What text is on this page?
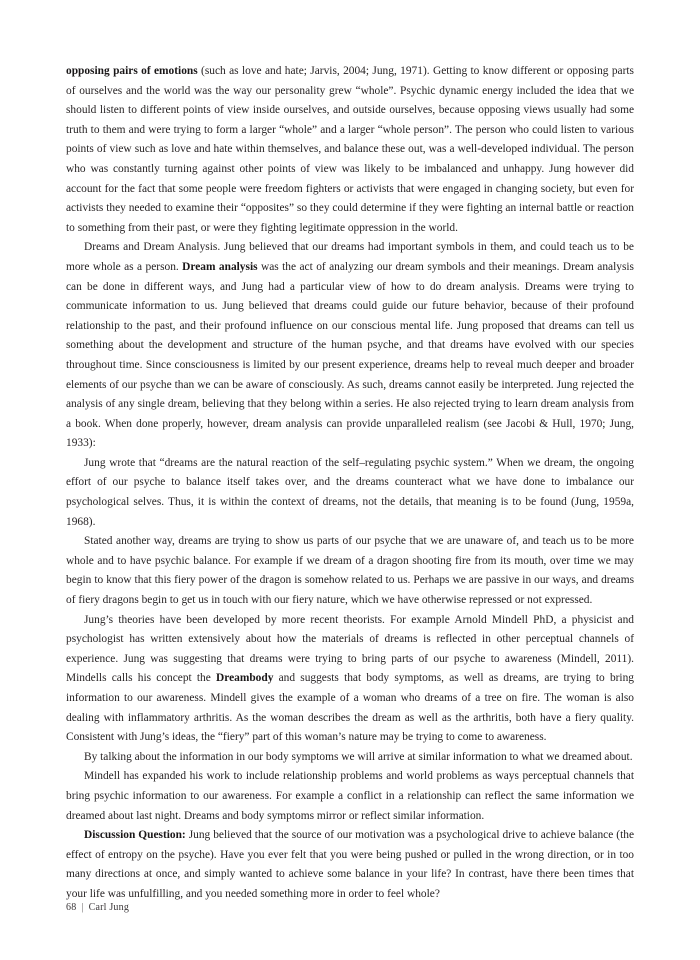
opposing pairs of emotions (such as love and hate; Jarvis, 2004; Jung, 1971). Getting to know different or opposing parts of ourselves and the world was the way our personality grew “whole”. Psychic dynamic energy included the idea that we should listen to different points of view inside ourselves, and outside ourselves, because opposing views usually had some truth to them and were trying to form a larger “whole” and a larger “whole person”. The person who could listen to various points of view such as love and hate within themselves, and balance these out, was a well-developed individual. The person who was constantly turning against other points of view was likely to be imbalanced and unhappy. Jung however did account for the fact that some people were freedom fighters or activists that were engaged in changing society, but even for activists they needed to examine their “opposites” so they could determine if they were fighting an internal battle or reaction to something from their past, or were they fighting legitimate oppression in the world.

Dreams and Dream Analysis. Jung believed that our dreams had important symbols in them, and could teach us to be more whole as a person. Dream analysis was the act of analyzing our dream symbols and their meanings. Dream analysis can be done in different ways, and Jung had a particular view of how to do dream analysis. Dreams were trying to communicate information to us. Jung believed that dreams could guide our future behavior, because of their profound relationship to the past, and their profound influence on our conscious mental life. Jung proposed that dreams can tell us something about the development and structure of the human psyche, and that dreams have evolved with our species throughout time. Since consciousness is limited by our present experience, dreams help to reveal much deeper and broader elements of our psyche than we can be aware of consciously. As such, dreams cannot easily be interpreted. Jung rejected the analysis of any single dream, believing that they belong within a series. He also rejected trying to learn dream analysis from a book. When done properly, however, dream analysis can provide unparalleled realism (see Jacobi & Hull, 1970; Jung, 1933):

Jung wrote that “dreams are the natural reaction of the self–regulating psychic system.” When we dream, the ongoing effort of our psyche to balance itself takes over, and the dreams counteract what we have done to imbalance our psychological selves. Thus, it is within the context of dreams, not the details, that meaning is to be found (Jung, 1959a, 1968).

Stated another way, dreams are trying to show us parts of our psyche that we are unaware of, and teach us to be more whole and to have psychic balance. For example if we dream of a dragon shooting fire from its mouth, over time we may begin to know that this fiery power of the dragon is somehow related to us. Perhaps we are passive in our ways, and dreams of fiery dragons begin to get us in touch with our fiery nature, which we have otherwise repressed or not expressed.

Jung’s theories have been developed by more recent theorists. For example Arnold Mindell PhD, a physicist and psychologist has written extensively about how the materials of dreams is reflected in other perceptual channels of experience. Jung was suggesting that dreams were trying to bring parts of our psyche to awareness (Mindell, 2011). Mindells calls his concept the Dreambody and suggests that body symptoms, as well as dreams, are trying to bring information to our awareness. Mindell gives the example of a woman who dreams of a tree on fire. The woman is also dealing with inflammatory arthritis. As the woman describes the dream as well as the arthritis, both have a fiery quality. Consistent with Jung’s ideas, the “fiery” part of this woman’s nature may be trying to come to awareness.

By talking about the information in our body symptoms we will arrive at similar information to what we dreamed about.

Mindell has expanded his work to include relationship problems and world problems as ways perceptual channels that bring psychic information to our awareness. For example a conflict in a relationship can reflect the same information we dreamed about last night. Dreams and body symptoms mirror or reflect similar information.

Discussion Question: Jung believed that the source of our motivation was a psychological drive to achieve balance (the effect of entropy on the psyche). Have you ever felt that you were being pushed or pulled in the wrong direction, or in too many directions at once, and simply wanted to achieve some balance in your life? In contrast, have there been times that your life was unfulfilling, and you needed something more in order to feel whole?

68 | Carl Jung
